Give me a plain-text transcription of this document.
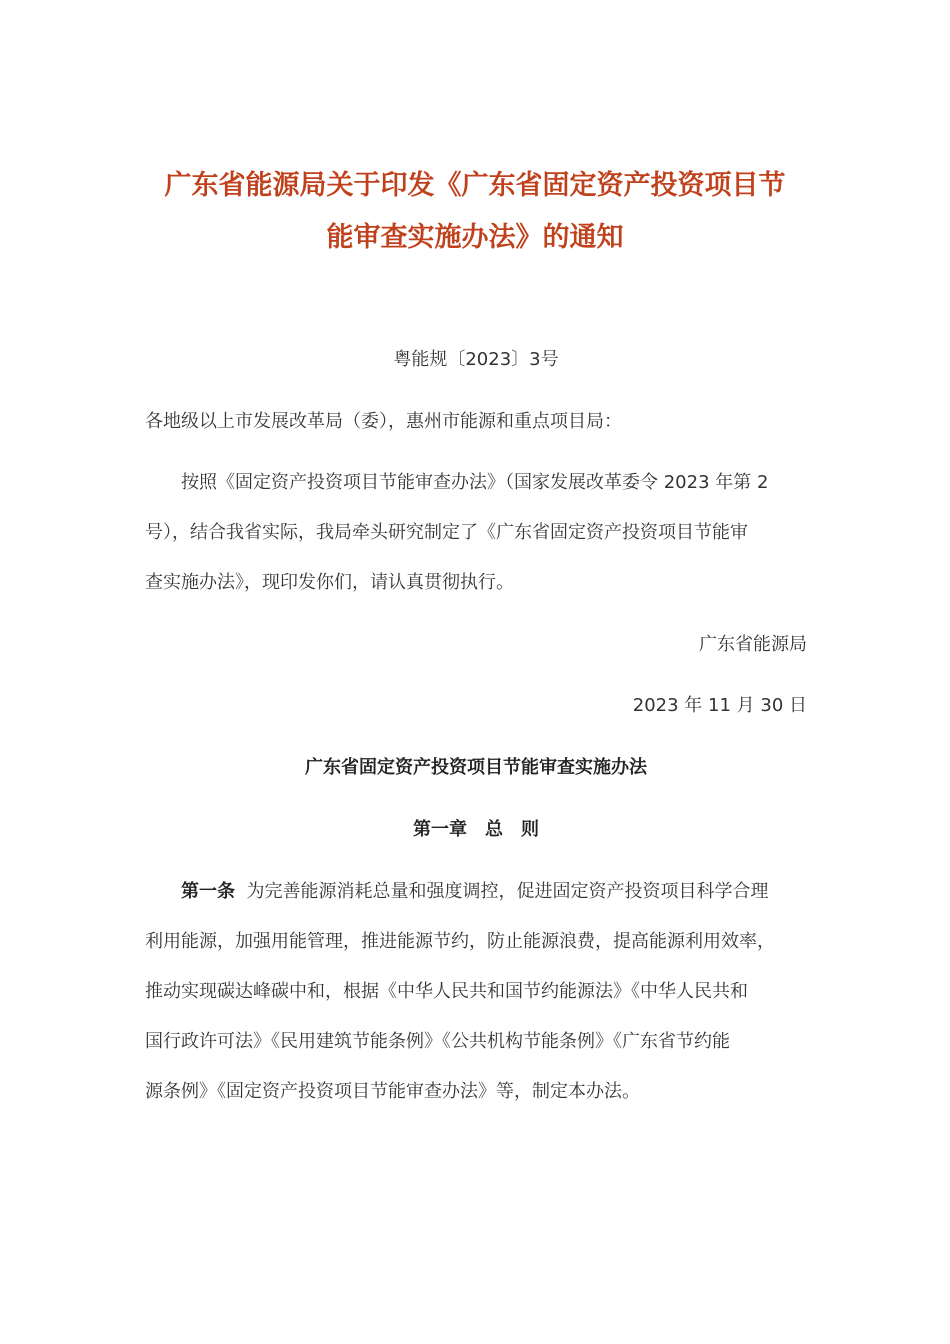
广东省能源局关于印发《广东省固定资产投资项目节
能审查实施办法》的通知

粤能规〔2023〕3号

各地级以上市发展改革局（委），惠州市能源和重点项目局：

按照《固定资产投资项目节能审查办法》（国家发展改革委令 2023 年第 2

号），结合我省实际，我局牵头研究制定了《广东省固定资产投资项目节能审

查实施办法》，现印发你们，请认真贯彻执行。

广东省能源局

2023 年 11 月 30 日

广东省固定资产投资项目节能审查实施办法

第一章　总　则

第一条 为完善能源消耗总量和强度调控，促进固定资产投资项目科学合理

利用能源，加强用能管理，推进能源节约，防止能源浪费，提高能源利用效率，

推动实现碳达峰碳中和，根据《中华人民共和国节约能源法》《中华人民共和

国行政许可法》《民用建筑节能条例》《公共机构节能条例》《广东省节约能

源条例》《固定资产投资项目节能审查办法》等，制定本办法。
